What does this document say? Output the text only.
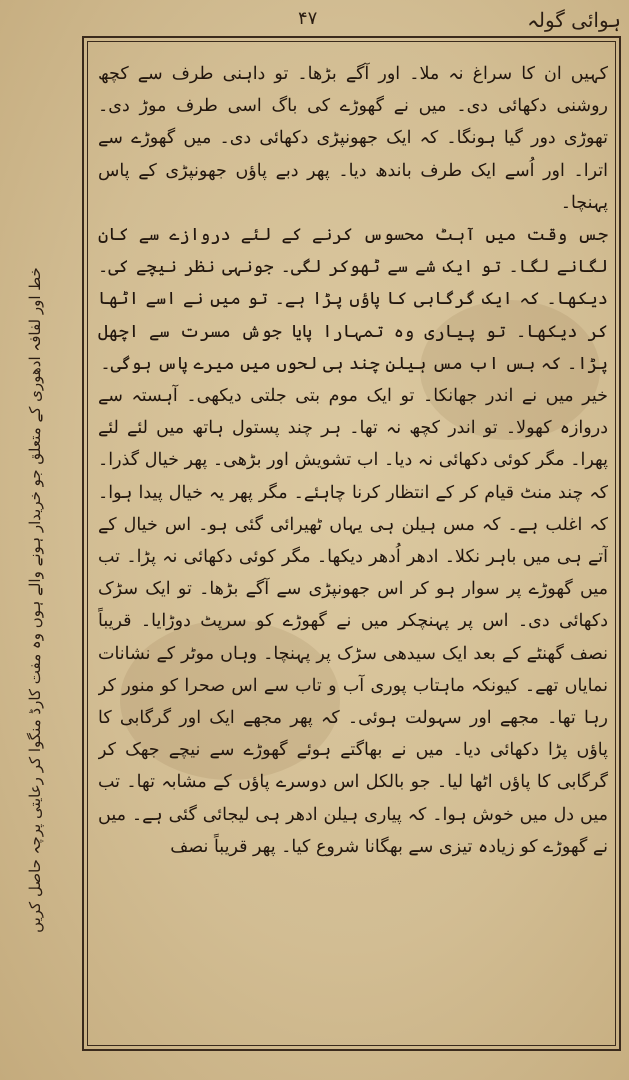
ہوائی گولہ
۴۷

کہیں ان کا سراغ نہ ملا۔ اور آگے بڑھا۔ تو داہنی طرف سے کچھ روشنی دکھائی دی۔ میں نے گھوڑے کی باگ اسی طرف موڑ دی۔ تھوڑی دور گیا ہونگا۔ کہ ایک جھونپڑی دکھائی دی۔ میں گھوڑے سے اترا۔ اور اُسے ایک طرف باندھ دیا۔ پھر دبے پاؤں جھونپڑی کے پاس پہنچا۔

جس وقت میں آہٹ محسوس کرنے کے لئے دروازے سے کان لگانے لگا۔ تو ایک شے سے ٹھوکر لگی۔ جونہی نظر نیچے کی۔ دیکھا۔ کہ ایک گرگابی کا پاؤں پڑا ہے۔ تو میں نے اسے اٹھا کر دیکھا۔ تو پیاری وہ تمہارا پایا جوش مسرت سے اچھل پڑا۔ کہ بس اب مس ہیلن چند ہی لحوں میں میرے پاس ہوگی۔

خیر میں نے اندر جھانکا۔ تو ایک موم بتی جلتی دیکھی۔ آہستہ سے دروازہ کھولا۔ تو اندر کچھ نہ تھا۔ ہر چند پستول ہاتھ میں لئے لئے پھرا۔ مگر کوئی دکھائی نہ دیا۔ اب تشویش اور بڑھی۔ پھر خیال گذرا۔ کہ چند منٹ قیام کر کے انتظار کرنا چاہئے۔ مگر پھر یہ خیال پیدا ہوا۔ کہ اغلب ہے۔ کہ مس ہیلن ہی یہاں ٹھیرائی گئی ہو۔ اس خیال کے آتے ہی میں باہر نکلا۔ ادھر اُدھر دیکھا۔ مگر کوئی دکھائی نہ پڑا۔ تب میں گھوڑے پر سوار ہو کر اس جھونپڑی سے آگے بڑھا۔ تو ایک سڑک دکھائی دی۔ اس پر پہنچکر میں نے گھوڑے کو سرپٹ دوڑایا۔ قریباً نصف گھنٹے کے بعد ایک سیدھی سڑک پر پہنچا۔ وہاں موٹر کے نشانات نمایاں تھے۔ کیونکہ ماہتاب پوری آب و تاب سے اس صحرا کو منور کر رہا تھا۔ مجھے اور سہولت ہوئی۔ کہ پھر مجھے ایک اور گرگابی کا پاؤں پڑا دکھائی دیا۔ میں نے بھاگتے ہوئے گھوڑے سے نیچے جھک کر گرگابی کا پاؤں اٹھا لیا۔ جو بالکل اس دوسرے پاؤں کے مشابہ تھا۔ تب میں دل میں خوش ہوا۔ کہ پیاری ہیلن ادھر ہی لیجائی گئی ہے۔ میں نے گھوڑے کو زیادہ تیزی سے بھگانا شروع کیا۔ پھر قریباً نصف

خط اور لفافہ ادھوری کے متعلق جو خریدار ہونے والے ہوں وہ مفت کارڈ منگوا کر رعایتی پرچہ حاصل کریں
